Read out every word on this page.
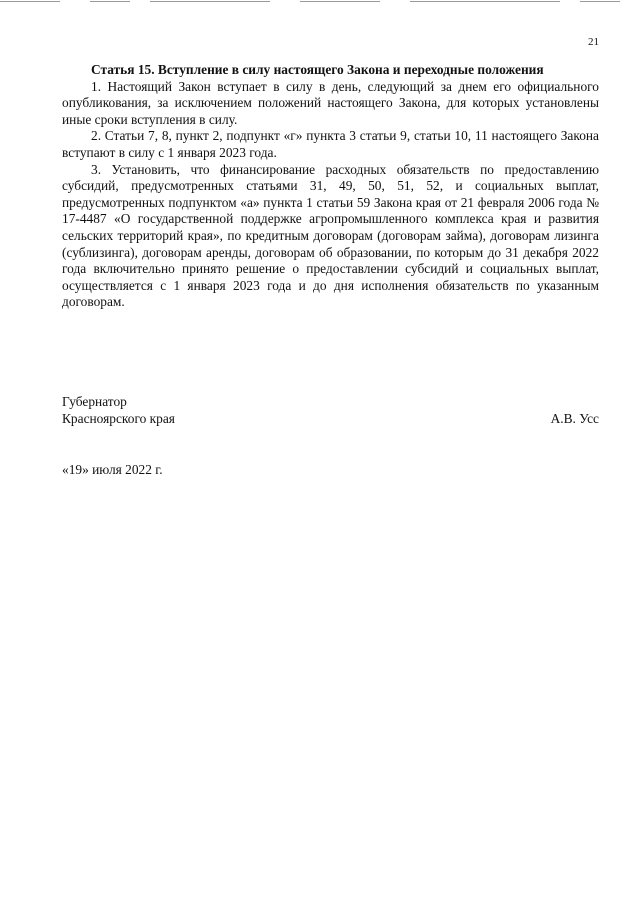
21

Статья 15. Вступление в силу настоящего Закона и переходные положения

1. Настоящий Закон вступает в силу в день, следующий за днем его официального опубликования, за исключением положений настоящего Закона, для которых установлены иные сроки вступления в силу.

2. Статьи 7, 8, пункт 2, подпункт «г» пункта 3 статьи 9, статьи 10, 11 настоящего Закона вступают в силу с 1 января 2023 года.

3. Установить, что финансирование расходных обязательств по предоставлению субсидий, предусмотренных статьями 31, 49, 50, 51, 52, и социальных выплат, предусмотренных подпунктом «а» пункта 1 статьи 59 Закона края от 21 февраля 2006 года № 17-4487 «О государственной поддержке агропромышленного комплекса края и развития сельских территорий края», по кредитным договорам (договорам займа), договорам лизинга (сублизинга), договорам аренды, договорам об образовании, по которым до 31 декабря 2022 года включительно принято решение о предоставлении субсидий и социальных выплат, осуществляется с 1 января 2023 года и до дня исполнения обязательств по указанным договорам.

Губернатор

Красноярского края	А.В. Усс

«19» июля 2022 г.
